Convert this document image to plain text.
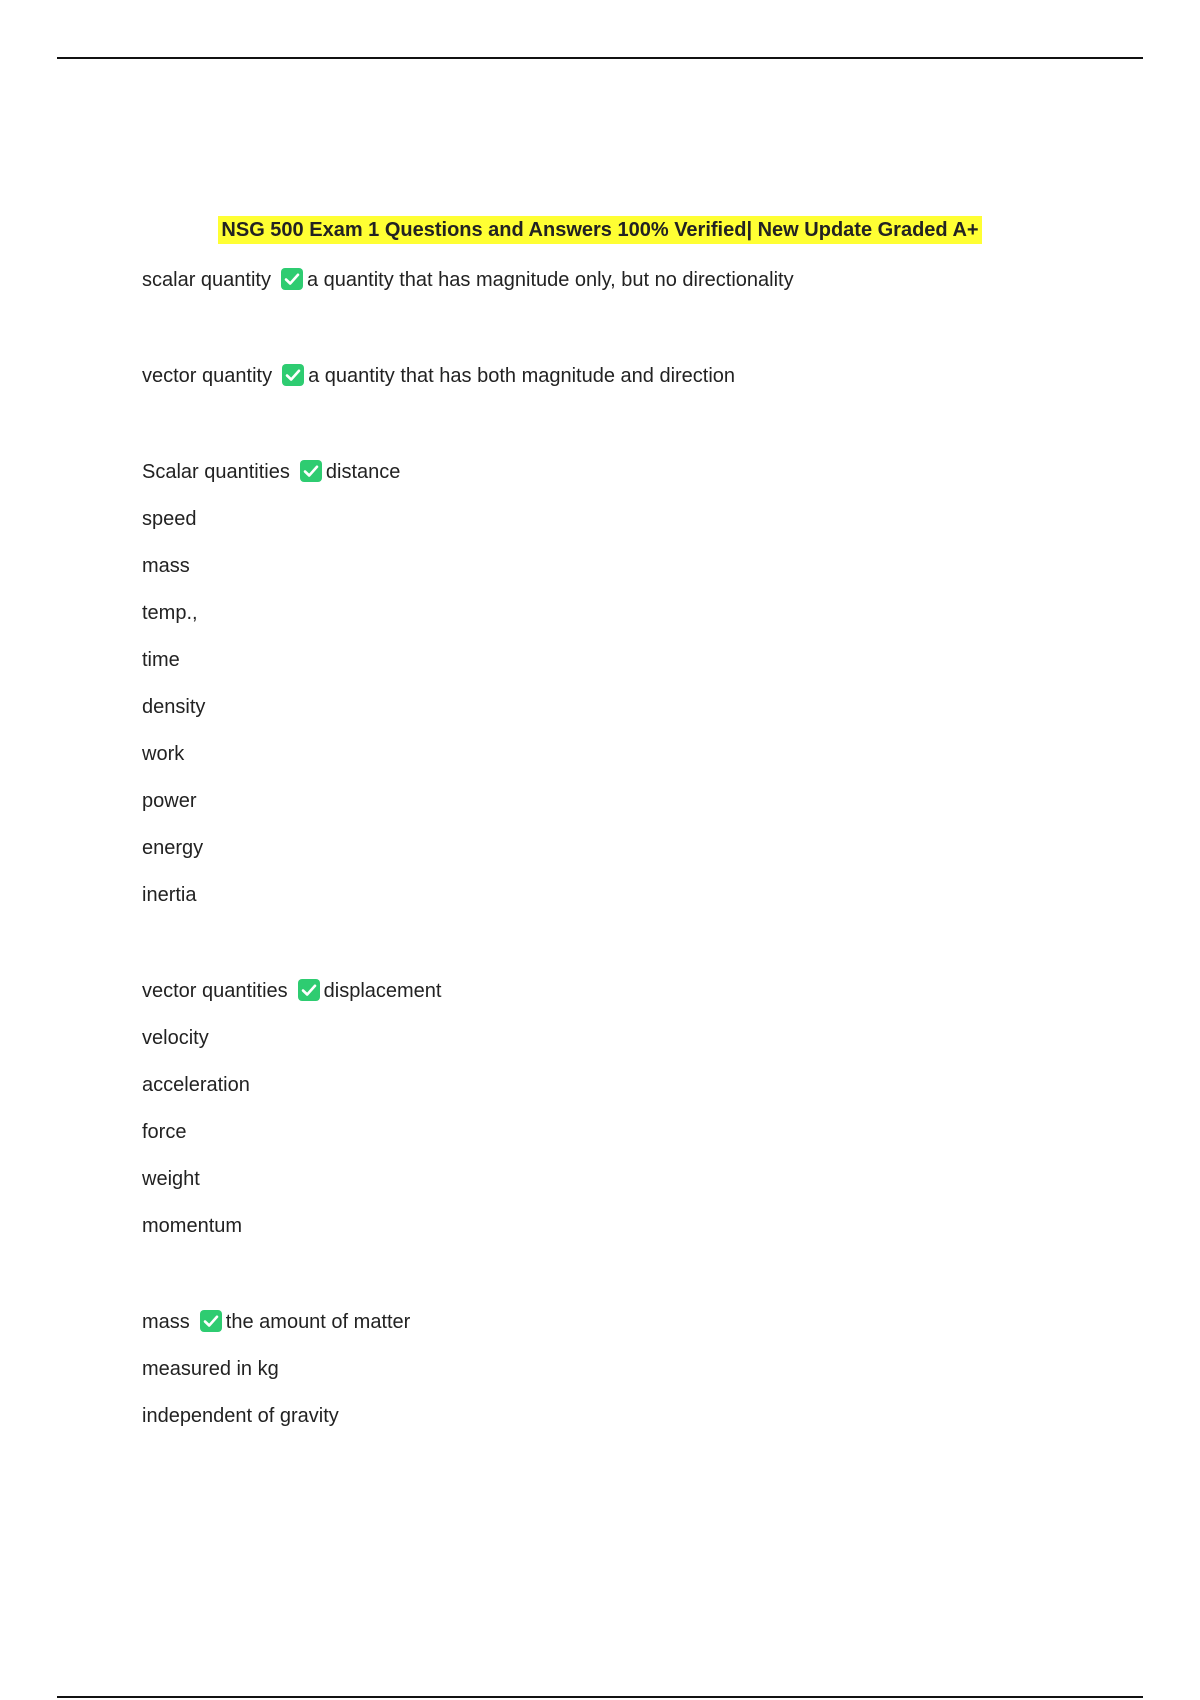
NSG 500 Exam 1 Questions and Answers 100% Verified| New Update Graded A+
scalar quantity a quantity that has magnitude only, but no directionality
vector quantity a quantity that has both magnitude and direction
Scalar quantities distance
speed
mass
temp.,
time
density
work
power
energy
inertia
vector quantities displacement
velocity
acceleration
force
weight
momentum
mass the amount of matter
measured in kg
independent of gravity
